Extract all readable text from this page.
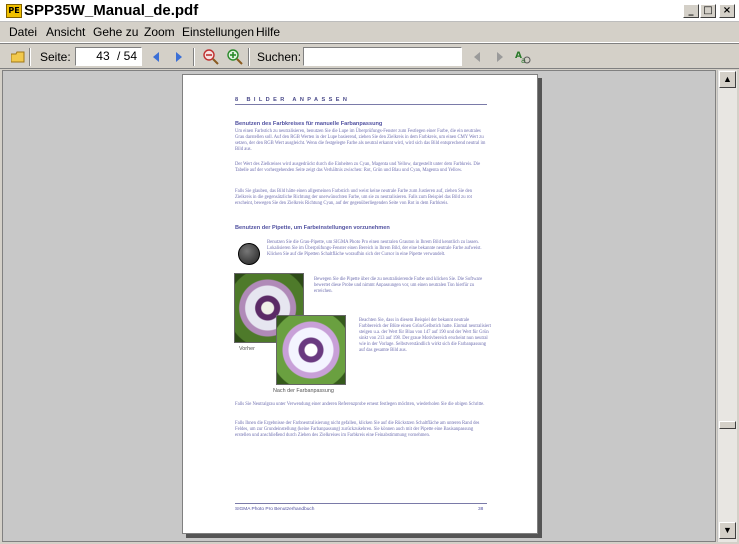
PE SPP35W_Manual_de.pdf	_ □	×
Datei Ansicht Gehe zu Zoom Einstellungen Hilfe
Seite:	43 / 54	Suchen:	A a
8 BILDER ANPASSEN
Benutzen des Farbkreises für manuelle Farbanpassung
Um einen Farbstich zu neutralisieren, benutzen Sie die Lupe im Überprüfungs-Fenster zum Festlegen einer Farbe, die ein neutrales Grau darstellen soll. Auf den RGB Werten in der Lupe basierend, ziehen Sie den Zielkreis in dem Farbkreis, um einen CMY Wert zu setzen, der den RGB Wert ausgleicht. Wenn die festgelegte Farbe als neutral erkannt wird, wird sich das Bild entsprechend neutral im Bild aus.
Der Wert des Zielkreises wird ausgedrückt durch die Einheiten zu Cyan, Magenta und Yellow, dargestellt unter dem Farbkreis. Die Tabelle auf der vorhergehenden Seite zeigt das Verhältnis zwischen: Rot, Grün und Blau und Cyan, Magenta und Yellow.
Falls Sie glauben, das Bild hätte einen allgemeinen Farbstich und weist keine neutrale Farbe zum Justieren auf, ziehen Sie den Zielkreis in die gegensätzliche Richtung der unerwünschten Farbe, um sie zu neutralisieren. Falls zum Beispiel das Bild zu rot erscheint, bewegen Sie den Zielkreis Richtung Cyan, auf der gegenüberliegenden Seite von Rot in dem Farbkreis.
Benutzen der Pipette, um Farbeinstellungen vorzunehmen
Benutzen Sie die Grau-Pipette, um SIGMA Photo Pro einen neutralen Grauton in Ihrem Bild kenntlich zu lassen. Lokalisieren Sie im Überprüfungs-Fenster einen Bereich in Ihrem Bild, der eine bekannte neutrale Farbe aufweist. Klicken Sie auf die Pipetten Schaltfläche woraufhin sich der Cursor in eine Pipette verwandelt.
Bewegen Sie die Pipette über die zu neutralisierende Farbe und klicken Sie. Die Software bewertet diese Probe und nimmt Anpassungen vor, um einen neutralen Ton hierfür zu erreichen.
Vorher
Beachten Sie, dass in diesem Beispiel der bekannt neutrale Farbbereich der Blüte einen Grün/Gelbstich hatte. Einmal neutralisiert steigen u.a. der Wert für Blau von 147 auf 190 und der Wert für Grün sinkt von 213 auf 198. Der graue Motivbereich erscheint nun neutral wie in der Vorlage. Selbstverständlich wirkt sich die Farbanpassung auf das gesamte Bild aus.
Nach der Farbanpassung
Falls Sie Neutralgrau unter Verwendung einer anderen Referenzprobe erneut festlegen möchten, wiederholen Sie die obigen Schritte.
Falls Ihnen die Ergebnisse der Farbneutralisierung nicht gefallen, klicken Sie auf die Rückstzen Schaltfläche am unteren Rand des Feldes, um zur Grundeinstellung (keine Farbanpassung) zurückzukehren. Sie können auch mit der Pipette eine Basisanpassung erstellen und anschließend durch Ziehen des Zielkreises im Farbkreis eine Feinabstimmung vornehmen.
SIGMA Photo Pro Benutzerhandbuch	38
▲
▼
